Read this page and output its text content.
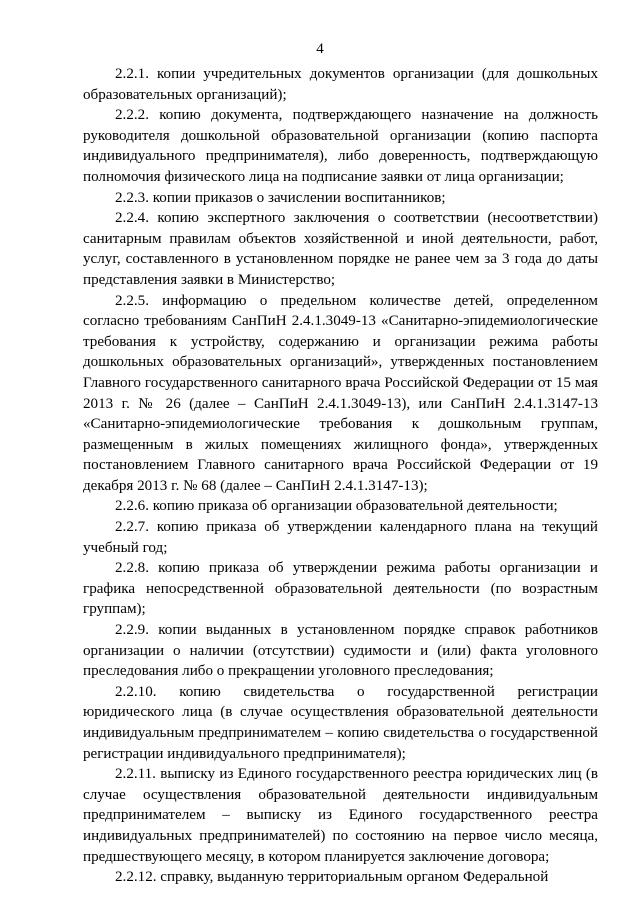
4

2.2.1. копии учредительных документов организации (для дошкольных образовательных организаций);

2.2.2. копию документа, подтверждающего назначение на должность руководителя дошкольной образовательной организации (копию паспорта индивидуального предпринимателя), либо доверенность, подтверждающую полномочия физического лица на подписание заявки от лица организации;

2.2.3. копии приказов о зачислении воспитанников;

2.2.4. копию экспертного заключения о соответствии (несоответствии) санитарным правилам объектов хозяйственной и иной деятельности, работ, услуг, составленного в установленном порядке не ранее чем за 3 года до даты представления заявки в Министерство;

2.2.5. информацию о предельном количестве детей, определенном согласно требованиям СанПиН 2.4.1.3049-13 «Санитарно-эпидемиологические требования к устройству, содержанию и организации режима работы дошкольных образовательных организаций», утвержденных постановлением Главного государственного санитарного врача Российской Федерации от 15 мая 2013 г. № 26 (далее – СанПиН 2.4.1.3049-13), или СанПиН 2.4.1.3147-13 «Санитарно-эпидемиологические требования к дошкольным группам, размещенным в жилых помещениях жилищного фонда», утвержденных постановлением Главного санитарного врача Российской Федерации от 19 декабря 2013 г. № 68 (далее – СанПиН 2.4.1.3147-13);

2.2.6. копию приказа об организации образовательной деятельности;

2.2.7. копию приказа об утверждении календарного плана на текущий учебный год;

2.2.8. копию приказа об утверждении режима работы организации и графика непосредственной образовательной деятельности (по возрастным группам);

2.2.9. копии выданных в установленном порядке справок работников организации о наличии (отсутствии) судимости и (или) факта уголовного преследования либо о прекращении уголовного преследования;

2.2.10. копию свидетельства о государственной регистрации юридического лица (в случае осуществления образовательной деятельности индивидуальным предпринимателем – копию свидетельства о государственной регистрации индивидуального предпринимателя);

2.2.11. выписку из Единого государственного реестра юридических лиц (в случае осуществления образовательной деятельности индивидуальным предпринимателем – выписку из Единого государственного реестра индивидуальных предпринимателей) по состоянию на первое число месяца, предшествующего месяцу, в котором планируется заключение договора;

2.2.12. справку, выданную территориальным органом Федеральной
